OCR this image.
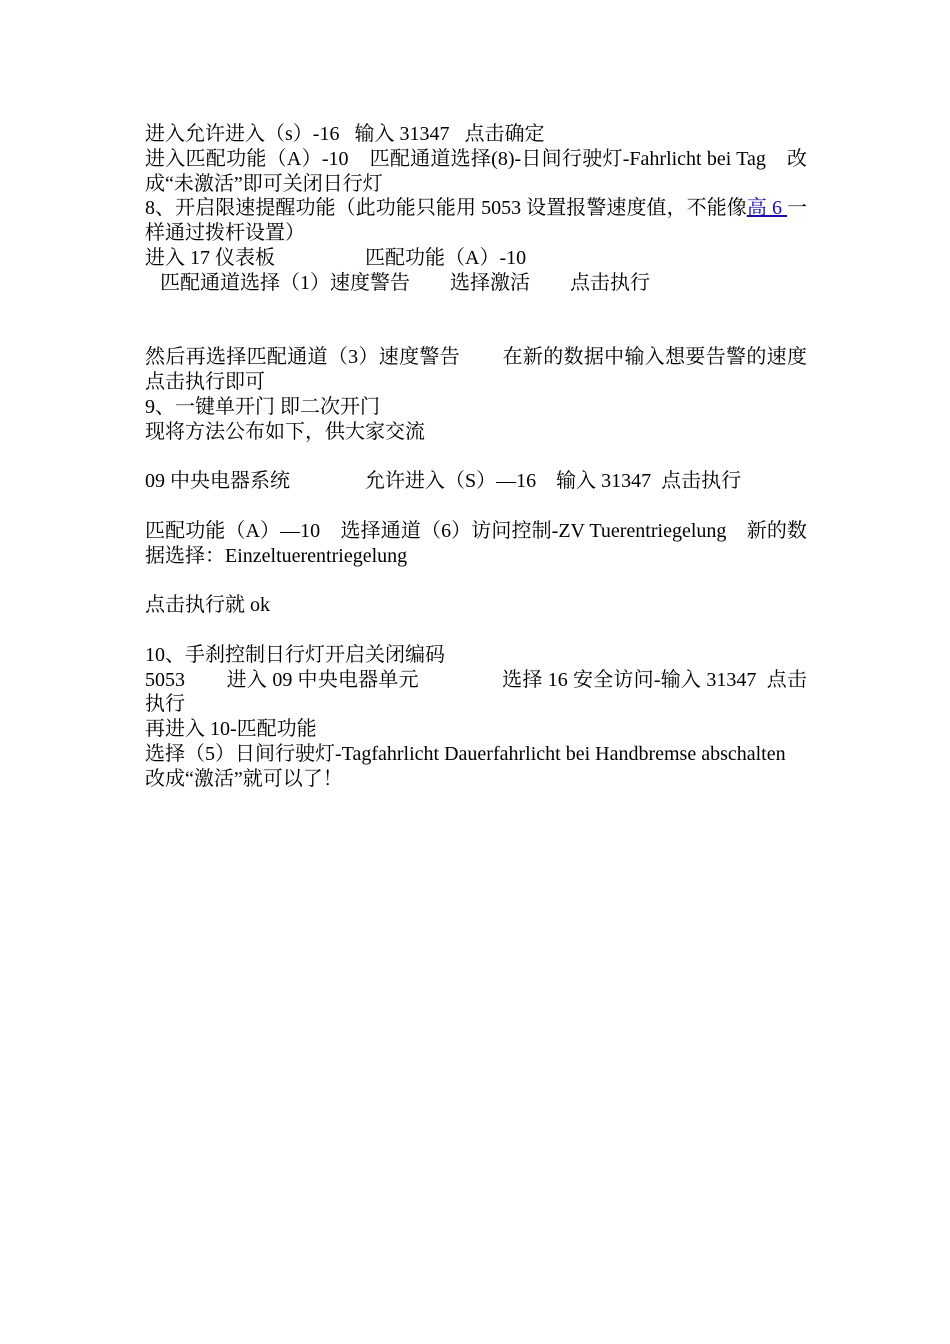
进入允许进入（s）-16   输入 31347   点击确定

进入匹配功能（A）-10    匹配通道选择(8)-日间行驶灯-Fahrlicht bei Tag    改成“未激活”即可关闭日行灯

8、开启限速提醒功能（此功能只能用 5053 设置报警速度值，不能像高 6 一样通过拨杆设置）

进入 17 仪表板                  匹配功能（A）-10

匹配通道选择（1）速度警告        选择激活        点击执行

然后再选择匹配通道（3）速度警告        在新的数据中输入想要告警的速度               点击执行即可

9、一键单开门 即二次开门

现将方法公布如下，供大家交流

09 中央电器系统               允许进入（S）—16    输入 31347  点击执行

匹配功能（A）—10    选择通道（6）访问控制-ZV Tuerentriegelung    新的数据选择：Einzeltuerentriegelung

点击执行就 ok

10、手刹控制日行灯开启关闭编码

5053        进入 09 中央电器单元                选择 16 安全访问-输入 31347  点击执行

再进入 10-匹配功能

选择（5）日间行驶灯-Tagfahrlicht Dauerfahrlicht bei Handbremse abschalten

改成“激活”就可以了！
